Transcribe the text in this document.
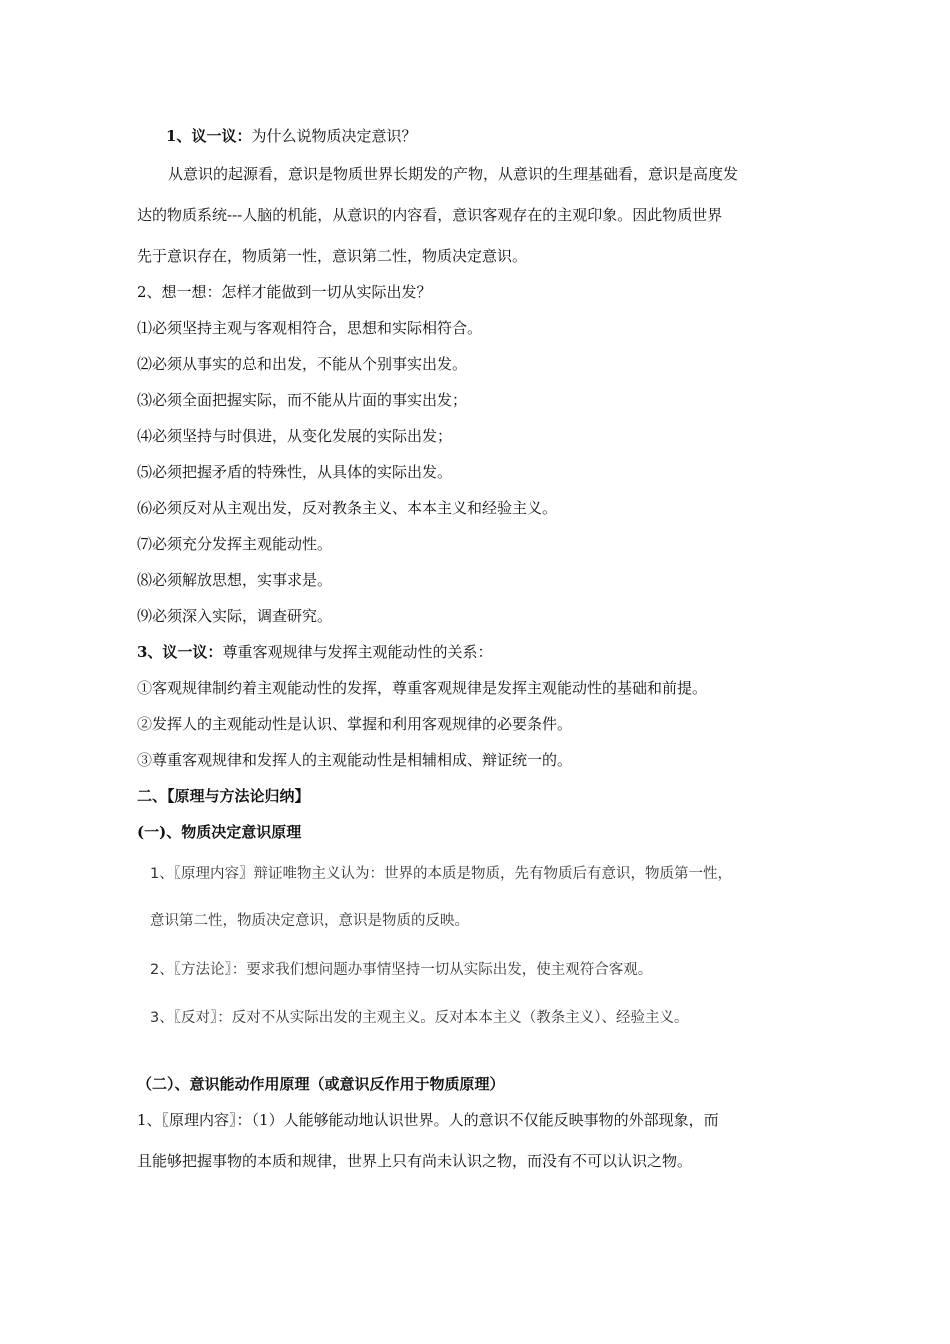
1、议一议：为什么说物质决定意识？
从意识的起源看，意识是物质世界长期发的产物，从意识的生理基础看，意识是高度发
达的物质系统---人脑的机能，从意识的内容看，意识客观存在的主观印象。因此物质世界
先于意识存在，物质第一性，意识第二性，物质决定意识。
2、想一想：怎样才能做到一切从实际出发？
⑴必须坚持主观与客观相符合，思想和实际相符合。
⑵必须从事实的总和出发，不能从个别事实出发。
⑶必须全面把握实际，而不能从片面的事实出发；
⑷必须坚持与时俱进，从变化发展的实际出发；
⑸必须把握矛盾的特殊性，从具体的实际出发。
⑹必须反对从主观出发，反对教条主义、本本主义和经验主义。
⑺必须充分发挥主观能动性。
⑻必须解放思想，实事求是。
⑼必须深入实际，调查研究。
3、议一议：尊重客观规律与发挥主观能动性的关系：
①客观规律制约着主观能动性的发挥，尊重客观规律是发挥主观能动性的基础和前提。
②发挥人的主观能动性是认识、掌握和利用客观规律的必要条件。
③尊重客观规律和发挥人的主观能动性是相辅相成、辩证统一的。
二、【原理与方法论归纳】
(一)、物质决定意识原理
1、〖原理内容〗辩证唯物主义认为：世界的本质是物质，先有物质后有意识，物质第一性，
意识第二性，物质决定意识，意识是物质的反映。
2、〖方法论〗：要求我们想问题办事情坚持一切从实际出发，使主观符合客观。
3、〖反对〗：反对不从实际出发的主观主义。反对本本主义（教条主义）、经验主义。
（二）、意识能动作用原理（或意识反作用于物质原理）
1、〖原理内容〗：（1）人能够能动地认识世界。人的意识不仅能反映事物的外部现象，而
且能够把握事物的本质和规律，世界上只有尚未认识之物，而没有不可以认识之物。
